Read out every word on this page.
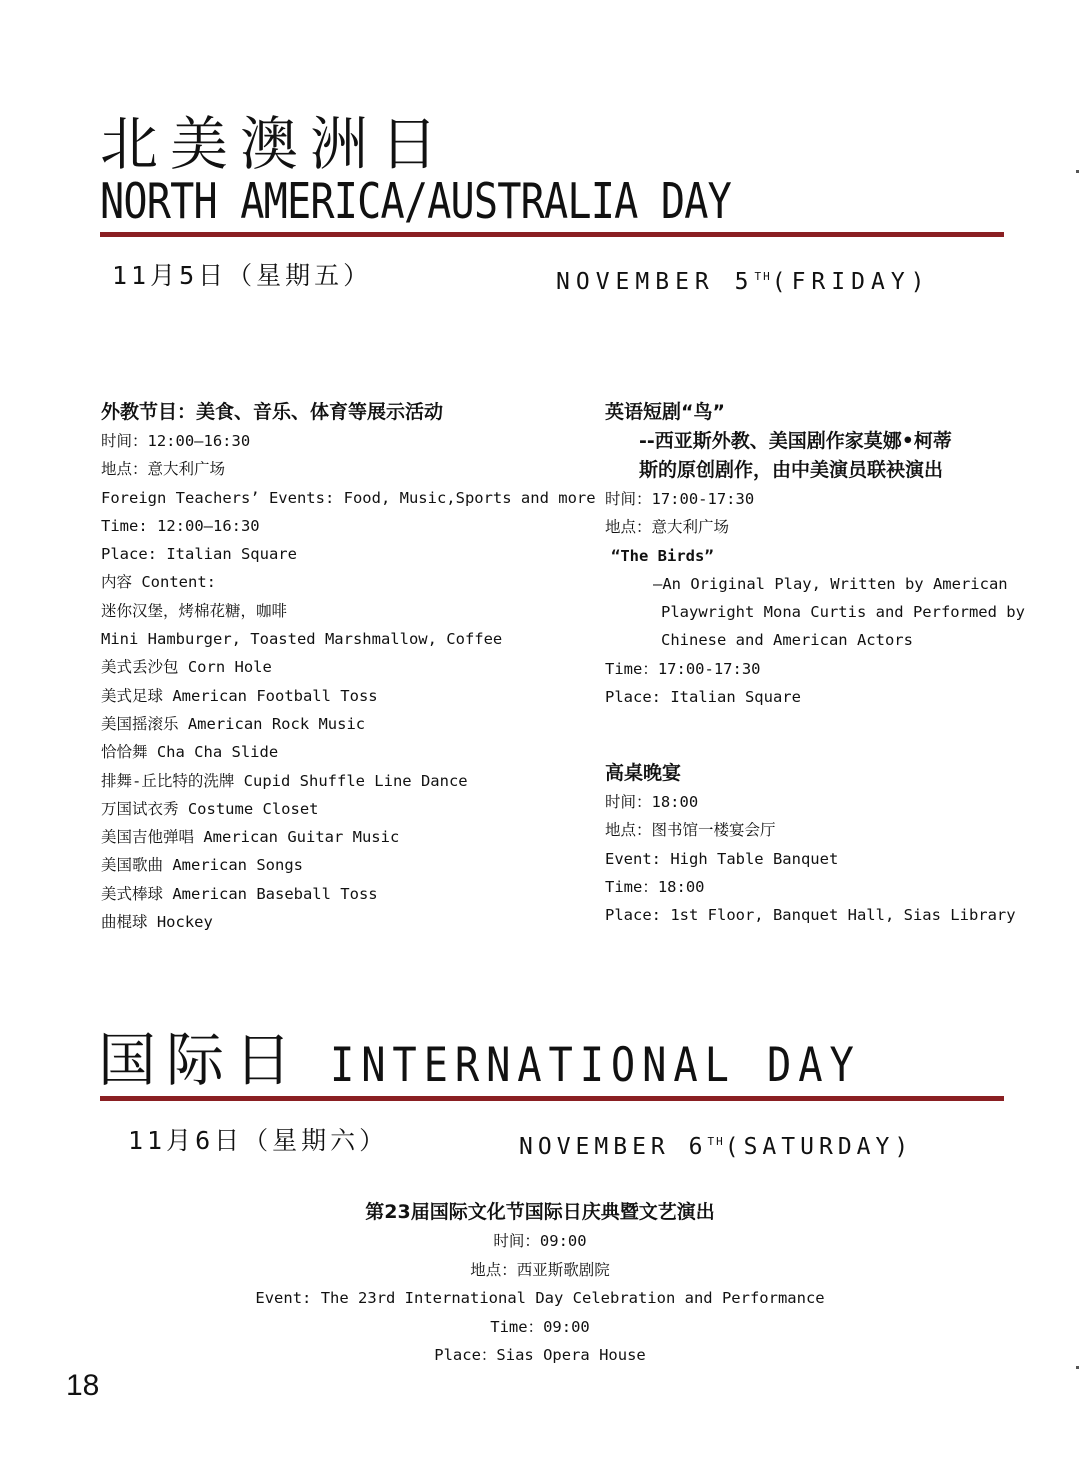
北美澳洲日
NORTH AMERICA/AUSTRALIA DAY
11月5日（星期五）	NOVEMBER 5TH(FRIDAY)
外教节目：美食、音乐、体育等展示活动
时间：12:00—16:30
地点：意大利广场
Foreign Teachers’ Events: Food, Music,Sports and more
Time: 12:00—16:30
Place: Italian Square
内容 Content:
迷你汉堡，烤棉花糖，咖啡
Mini Hamburger, Toasted Marshmallow, Coffee
美式丢沙包 Corn Hole
美式足球 American Football Toss
美国摇滚乐 American Rock Music
恰恰舞 Cha Cha Slide
排舞-丘比特的洗牌 Cupid Shuffle Line Dance
万国试衣秀 Costume Closet
美国吉他弹唱 American Guitar Music
美国歌曲 American Songs
美式棒球 American Baseball Toss
曲棍球 Hockey
英语短剧“鸟”
--西亚斯外教、美国剧作家莫娜•柯蒂
斯的原创剧作，由中美演员联袂演出
时间：17:00-17:30
地点：意大利广场
“The Birds”
—An Original Play, Written by American
Playwright Mona Curtis and Performed by
Chinese and American Actors
Time：17:00-17:30
Place: Italian Square
高桌晚宴
时间：18:00
地点：图书馆一楼宴会厅
Event: High Table Banquet
Time：18:00
Place: 1st Floor, Banquet Hall, Sias Library
国际日 INTERNATIONAL DAY
11月6日（星期六）	NOVEMBER 6TH(SATURDAY)
第23届国际文化节国际日庆典暨文艺演出
时间：09:00
地点：西亚斯歌剧院
Event: The 23rd International Day Celebration and Performance
Time：09:00
Place：Sias Opera House
18
